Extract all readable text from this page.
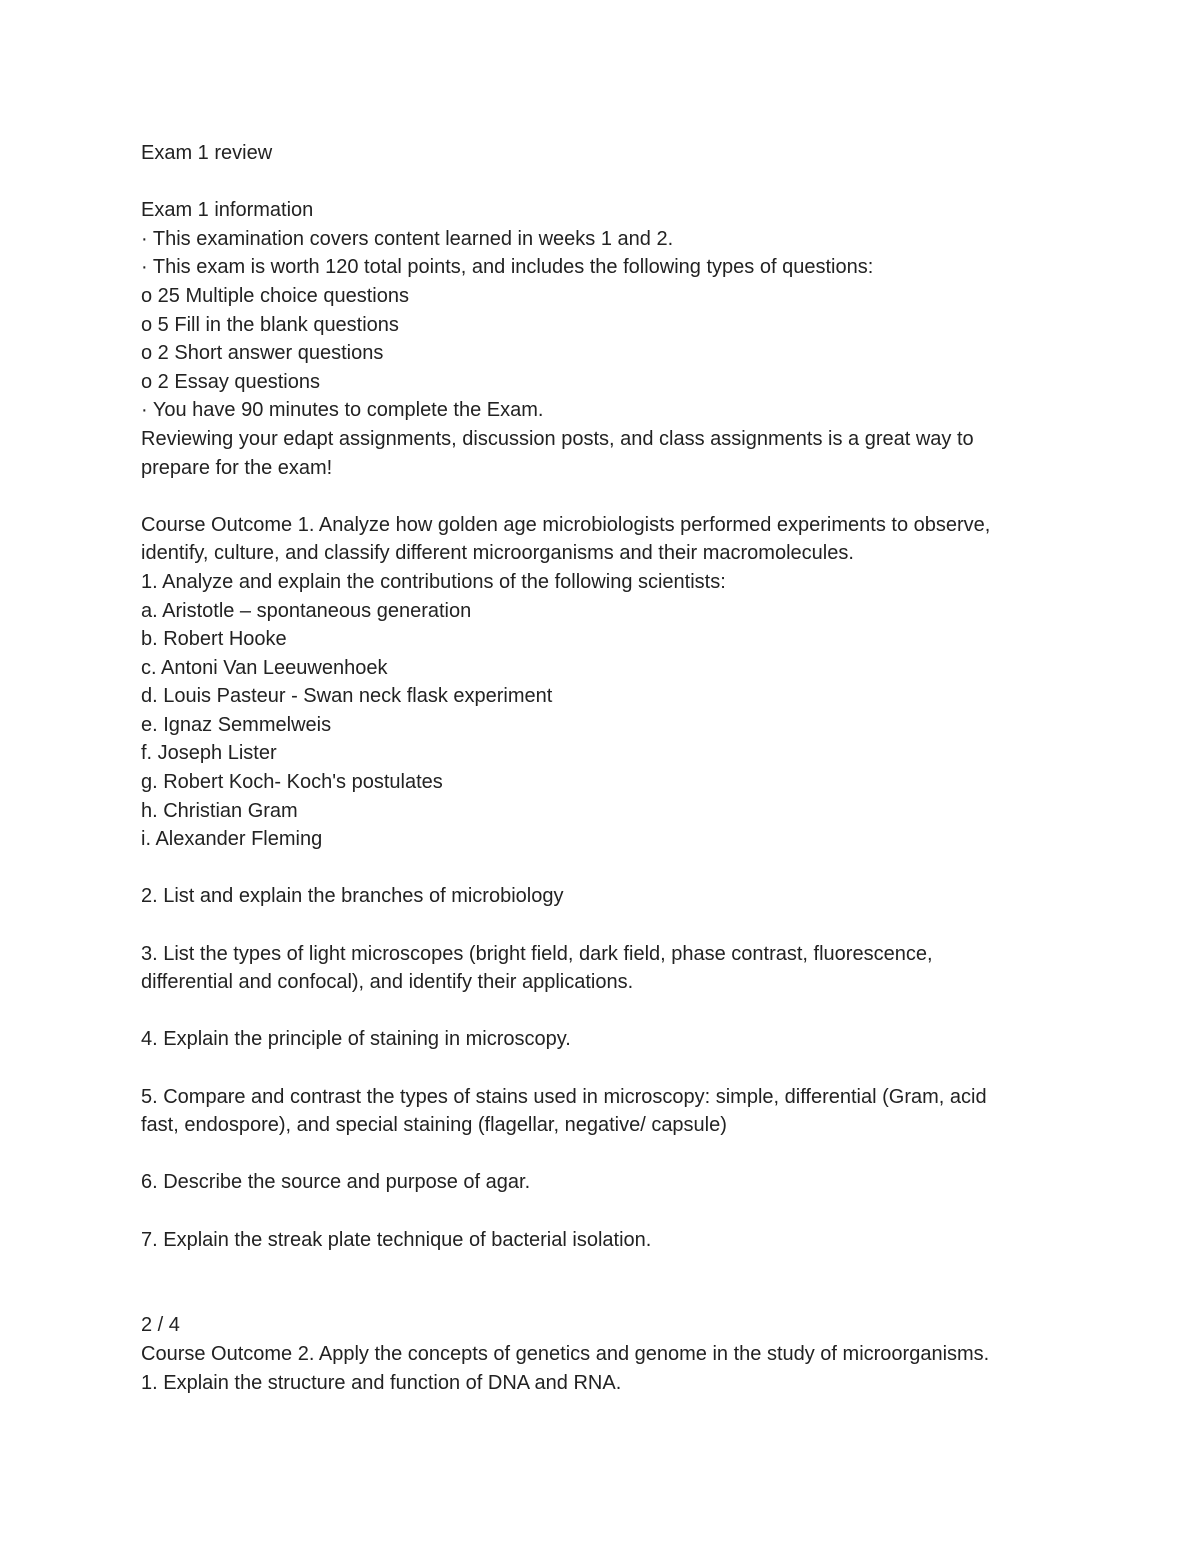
Exam 1 review

Exam 1 information

· This examination covers content learned in weeks 1 and 2.

· This exam is worth 120 total points, and includes the following types of questions:

o 25 Multiple choice questions

o 5 Fill in the blank questions

o 2 Short answer questions

o 2 Essay questions

· You have 90 minutes to complete the Exam.

Reviewing your edapt assignments, discussion posts, and class assignments is a great way to

prepare for the exam!

Course Outcome 1. Analyze how golden age microbiologists performed experiments to observe,

identify, culture, and classify different microorganisms and their macromolecules.

1. Analyze and explain the contributions of the following scientists:

a. Aristotle – spontaneous generation

b. Robert Hooke

c. Antoni Van Leeuwenhoek

d. Louis Pasteur - Swan neck flask experiment

e. Ignaz Semmelweis

f. Joseph Lister

g. Robert Koch- Koch's postulates

h. Christian Gram

i. Alexander Fleming

2. List and explain the branches of microbiology

3. List the types of light microscopes (bright field, dark field, phase contrast, fluorescence,

differential and confocal), and identify their applications.

4. Explain the principle of staining in microscopy.

5. Compare and contrast the types of stains used in microscopy: simple, differential (Gram, acid

fast, endospore), and special staining (flagellar, negative/ capsule)

6. Describe the source and purpose of agar.

7. Explain the streak plate technique of bacterial isolation.

2 / 4

Course Outcome 2. Apply the concepts of genetics and genome in the study of microorganisms.

1. Explain the structure and function of DNA and RNA.
